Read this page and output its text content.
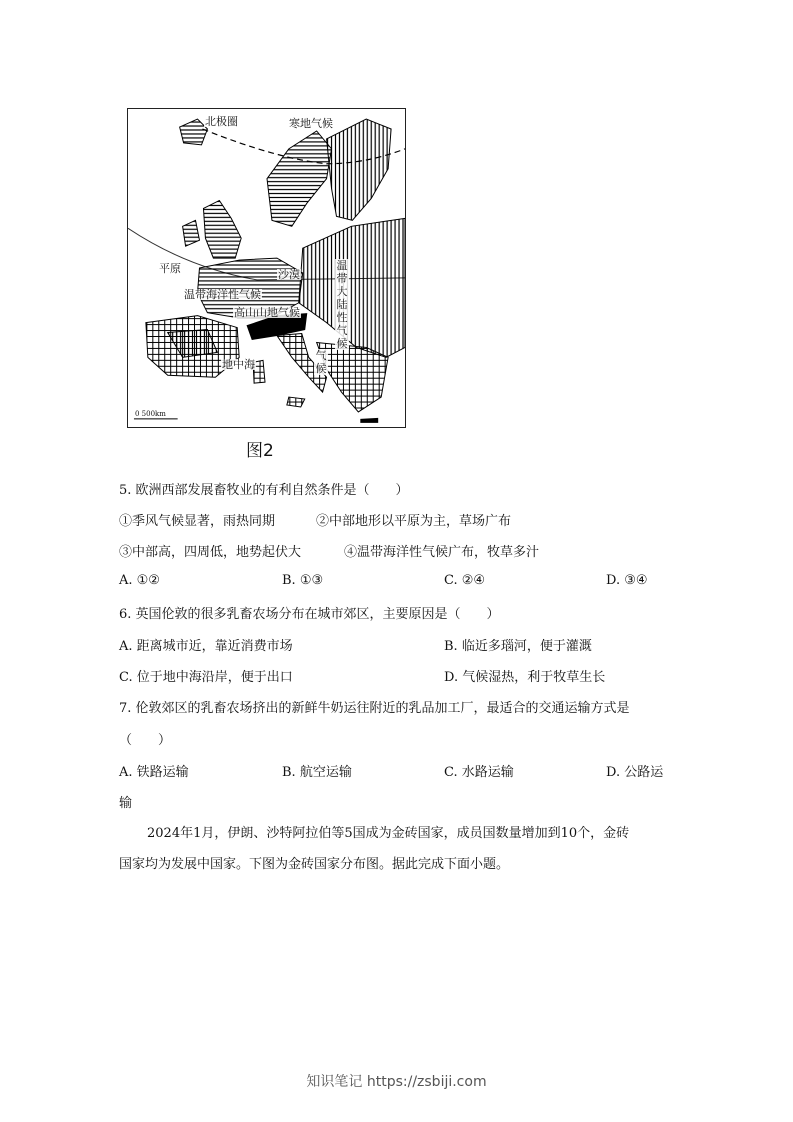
北极圈	寒地气候
平原	沙漠
温带大陆性气候
温带海洋性气候
高山山地气候
地中海
气候
0 500km
图2
5. 欧洲西部发展畜牧业的有利自然条件是（　　）
①季风气候显著，雨热同期	②中部地形以平原为主，草场广布
③中部高，四周低，地势起伏大	④温带海洋性气候广布，牧草多汁
A. ①②	B. ①③	C. ②④	D. ③④
6. 英国伦敦的很多乳畜农场分布在城市郊区，主要原因是（　　）
A. 距离城市近，靠近消费市场	B. 临近多瑙河，便于灌溉
C. 位于地中海沿岸，便于出口	D. 气候湿热，利于牧草生长
7. 伦敦郊区的乳畜农场挤出的新鲜牛奶运往附近的乳品加工厂，最适合的交通运输方式是
（　　）
A. 铁路运输	B. 航空运输	C. 水路运输	D. 公路运
输
2024年1月，伊朗、沙特阿拉伯等5国成为金砖国家，成员国数量增加到10个，金砖
国家均为发展中国家。下图为金砖国家分布图。据此完成下面小题。
知识笔记 https://zsbiji.com
